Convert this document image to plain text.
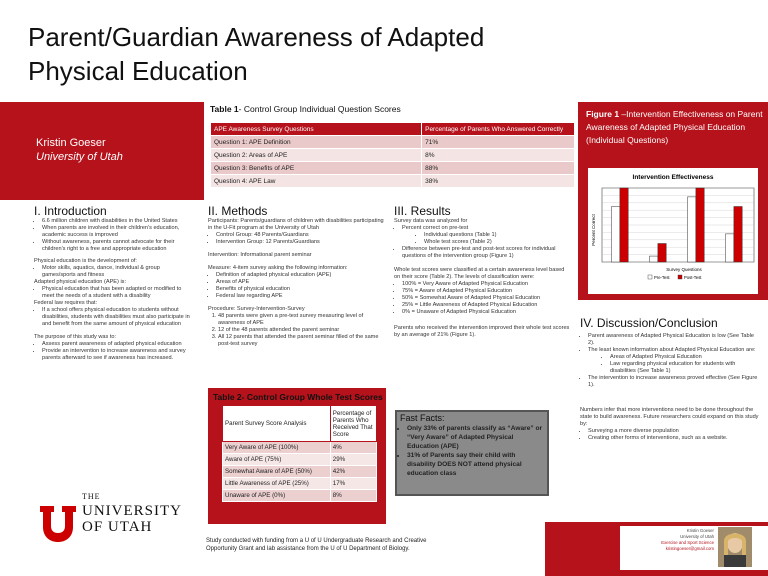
Parent/Guardian Awareness of Adapted
Physical Education
Kristin Goeser
University of Utah
Table 1- Control Group Individual Question Scores
APE Awareness Survey Questions	Percentage of Parents Who Answered Correctly
Question 1: APE Definition	71%
Question 2: Areas of APE	8%
Question 3: Benefits of APE	88%
Question 4: APE Law	38%
Figure 1 –Intervention Effectiveness on Parent Awareness of Adapted Physical Education (Individual Questions)
Intervention Effectiveness
Percent Correct
Survey Questions
Pre-Test	Post-Test
I. Introduction
• 6.6 million children with disabilities in the United States
• When parents are involved in their children's education, academic success is improved
• Without awareness, parents cannot advocate for their children's right to a free and appropriate education

Physical education is the development of:

• Motor skills, aquatics, dance, individual & group games/sports and fitness

Adapted physical education (APE) is:

• Physical education that has been adapted or modified to meet the needs of a student with a disability

Federal law requires that:

• If a school offers physical education to students without disabilities, students with disabilities must also participate in and benefit from the same amount of physical education

The purpose of this study was to:

• Assess parent awareness of adapted physical education
• Provide an intervention to increase awareness and survey parents afterward to see if awareness has increased.
II. Methods

Participants: Parents/guardians of children with disabilities participating in the U-Fit program at the University of Utah

• Control Group: 48 Parents/Guardians
• Intervention Group: 12 Parents/Guardians

Intervention: Informational parent seminar

Measure: 4-item survey asking the following information:

• Definition of adapted physical education (APE)
• Areas of APE
• Benefits of physical education
• Federal law regarding APE

Procedure: Survey-Intervention-Survey

1. 48 parents were given a pre-test survey measuring level of awareness of APE
2. 12 of the 48 parents attended the parent seminar
3. All 12 parents that attended the parent seminar filled of the same post-test survey
III. Results

Survey data was analyzed for

• Percent correct on pre-test
• Individual questions (Table 1)
• Whole test scores (Table 2)
• Difference between pre-test and post-test scores for individual questions of the intervention group (Figure 1)

Whole test scores were classified at a certain awareness level based on their score (Table 2). The levels of classification were:

• 100% = Very Aware of Adapted Physical Education
• 75% = Aware of Adapted Physical Education
• 50% = Somewhat Aware of Adapted Physical Education
• 25% = Little Awareness of Adapted Physical Education
• 0% = Unaware of Adapted Physical Education

Parents who received the intervention improved their whole test scores by an average of 21% (Figure 1).

Table 2- Control Group Whole Test Scores
Parent Survey Score Analysis	Percentage of Parents Who Received That Score
Very Aware of APE (100%)	4%
Aware of APE (75%)	29%
Somewhat Aware of APE (50%)	42%
Little Awareness of APE (25%)	17%
Unaware of APE (0%)	8%
Fast Facts:
• Only 33% of parents classify as “Aware” or “Very Aware” of Adapted Physical Education (APE)
• 31% of Parents say their child with disability DOES NOT attend physical education class
IV. Discussion/Conclusion
• Parent awareness of Adapted Physical Education is low (See Table 2).
• The least known information about Adapted Physical Education are:
• Areas of Adapted Physical Education
• Law regarding physical education for students with disabilities (See Table 1)
• The intervention to increase awareness proved effective (See Figure 1).

Numbers infer that more interventions need to be done throughout the state to build awareness. Future researchers could expand on this study by:

• Surveying a more diverse population
• Creating other forms of interventions, such as a website.
THE
UNIVERSITY
OF UTAH
Study conducted with funding from a U of U Undergraduate Research and Creative Opportunity Grant and lab assistance from the U of U Department of Biology.
Kristin Goeser
University of Utah
Exercise and Sport Science
kristingoeser@gmail.com
